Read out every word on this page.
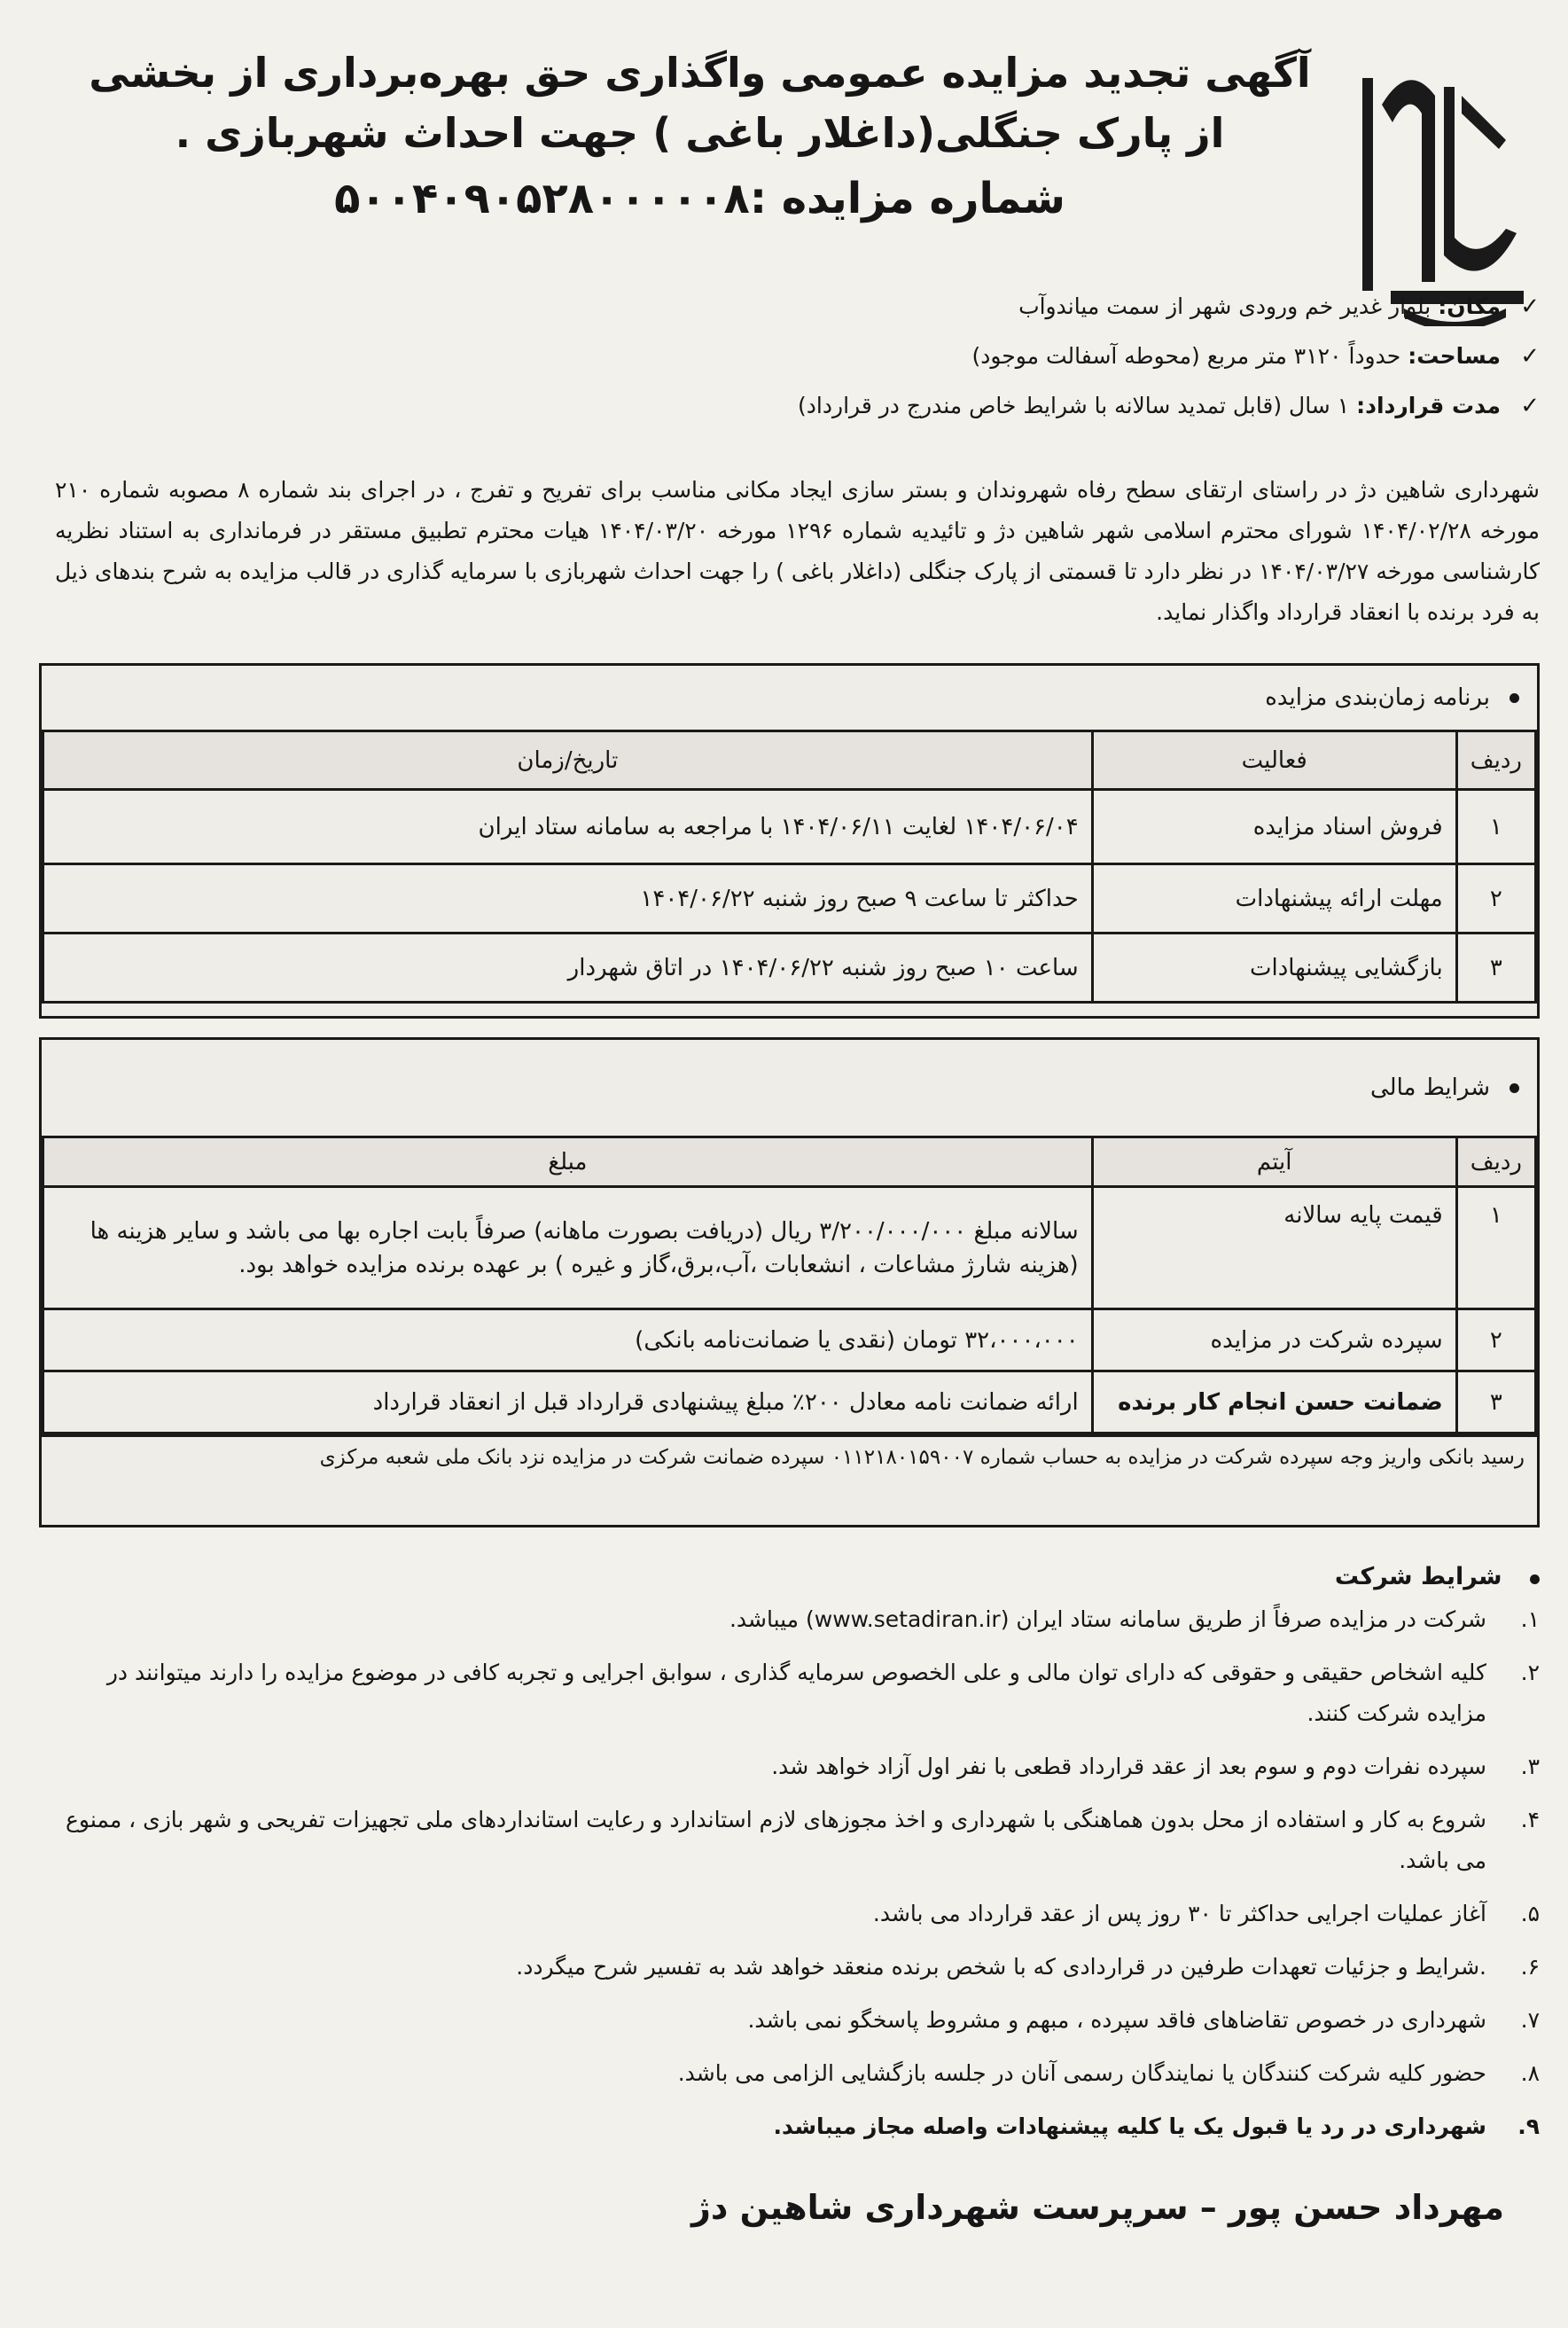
آگهی تجدید مزایده عمومی واگذاری حق بهره‌برداری از بخشی
از پارک جنگلی(داغلار باغی ) جهت احداث شهربازی .
شماره مزایده :۵۰۰۴۰۹۰۵۲۸۰۰۰۰۰۸
✓
مکان:
بلوار غدیر خم ورودی شهر از سمت میاندوآب
✓
مساحت:
حدوداً ۳۱۲۰ متر مربع (محوطه آسفالت موجود)
✓
مدت قرارداد:
۱ سال (قابل تمدید سالانه با شرایط خاص مندرج در قرارداد)
شهرداری شاهین دژ در راستای ارتقای سطح رفاه شهروندان و بستر سازی ایجاد مکانی مناسب برای تفریح و تفرج ، در اجرای بند شماره ۸ مصوبه شماره ۲۱۰ مورخه ۱۴۰۴/۰۲/۲۸ شورای محترم اسلامی شهر شاهین دژ و تائیدیه شماره ۱۲۹۶ مورخه ۱۴۰۴/۰۳/۲۰ هیات محترم تطبیق مستقر در فرمانداری به استناد نظریه کارشناسی مورخه ۱۴۰۴/۰۳/۲۷ در نظر دارد تا قسمتی از پارک جنگلی (داغلار باغی ) را جهت احداث شهربازی با سرمایه گذاری در قالب مزایده به شرح بندهای ذیل به فرد برنده با انعقاد قرارداد واگذار نماید.
برنامه زمان‌بندی مزایده
ردیف	فعالیت	تاریخ/زمان
۱	فروش اسناد مزایده	۱۴۰۴/۰۶/۰۴ لغایت ۱۴۰۴/۰۶/۱۱ با مراجعه به سامانه ستاد ایران
۲	مهلت ارائه پیشنهادات	حداکثر تا ساعت ۹ صبح روز شنبه ۱۴۰۴/۰۶/۲۲
۳	بازگشایی پیشنهادات	ساعت ۱۰ صبح روز شنبه ۱۴۰۴/۰۶/۲۲ در اتاق شهردار
شرایط مالی
ردیف	آیتم	مبلغ
۱	قیمت پایه سالانه	سالانه مبلغ ۳/۲۰۰/۰۰۰/۰۰۰ ریال (دریافت بصورت ماهانه) صرفاً بابت اجاره بها می باشد و سایر هزینه ها (هزینه شارژ مشاعات ، انشعابات ،آب،برق،گاز و غیره ) بر عهده برنده مزایده خواهد بود.
۲	سپرده شرکت در مزایده	۳۲،۰۰۰،۰۰۰ تومان (نقدی یا ضمانت‌نامه بانکی)
۳	ضمانت حسن انجام کار برنده	ارائه ضمانت نامه معادل ۲۰۰٪ مبلغ پیشنهادی قرارداد قبل از انعقاد قرارداد
رسید بانکی واریز وجه سپرده شرکت در مزایده به حساب شماره ۰۱۱۲۱۸۰۱۵۹۰۰۷ سپرده ضمانت شرکت در مزایده نزد بانک ملی شعبه مرکزی
شرایط شرکت
۱.
شرکت در مزایده صرفاً از طریق سامانه ستاد ایران (www.setadiran.ir) میباشد.
۲.
کلیه اشخاص حقیقی و حقوقی که دارای توان مالی و علی الخصوص سرمایه گذاری ، سوابق اجرایی و تجربه کافی در موضوع مزایده را دارند میتوانند در مزایده شرکت کنند.
۳.
سپرده نفرات دوم و سوم بعد از عقد قرارداد قطعی با نفر اول آزاد خواهد شد.
۴.
شروع به کار و استفاده از محل بدون هماهنگی با شهرداری و اخذ مجوزهای لازم استاندارد و رعایت استانداردهای ملی تجهیزات تفریحی و شهر بازی ، ممنوع می باشد.
۵.
آغاز عملیات اجرایی حداکثر تا ۳۰ روز پس از عقد قرارداد می باشد.
۶.
.شرایط و جزئیات تعهدات طرفین در قراردادی که با شخص برنده منعقد خواهد شد به تفسیر شرح میگردد.
۷.
شهرداری در خصوص تقاضاهای فاقد سپرده ، مبهم و مشروط پاسخگو نمی باشد.
۸.
حضور کلیه شرکت کنندگان یا نمایندگان رسمی آنان در جلسه بازگشایی الزامی می باشد.
۹.
شهرداری در رد یا قبول یک یا کلیه پیشنهادات واصله مجاز میباشد.
مهرداد حسن پور – سرپرست شهرداری شاهین دژ
